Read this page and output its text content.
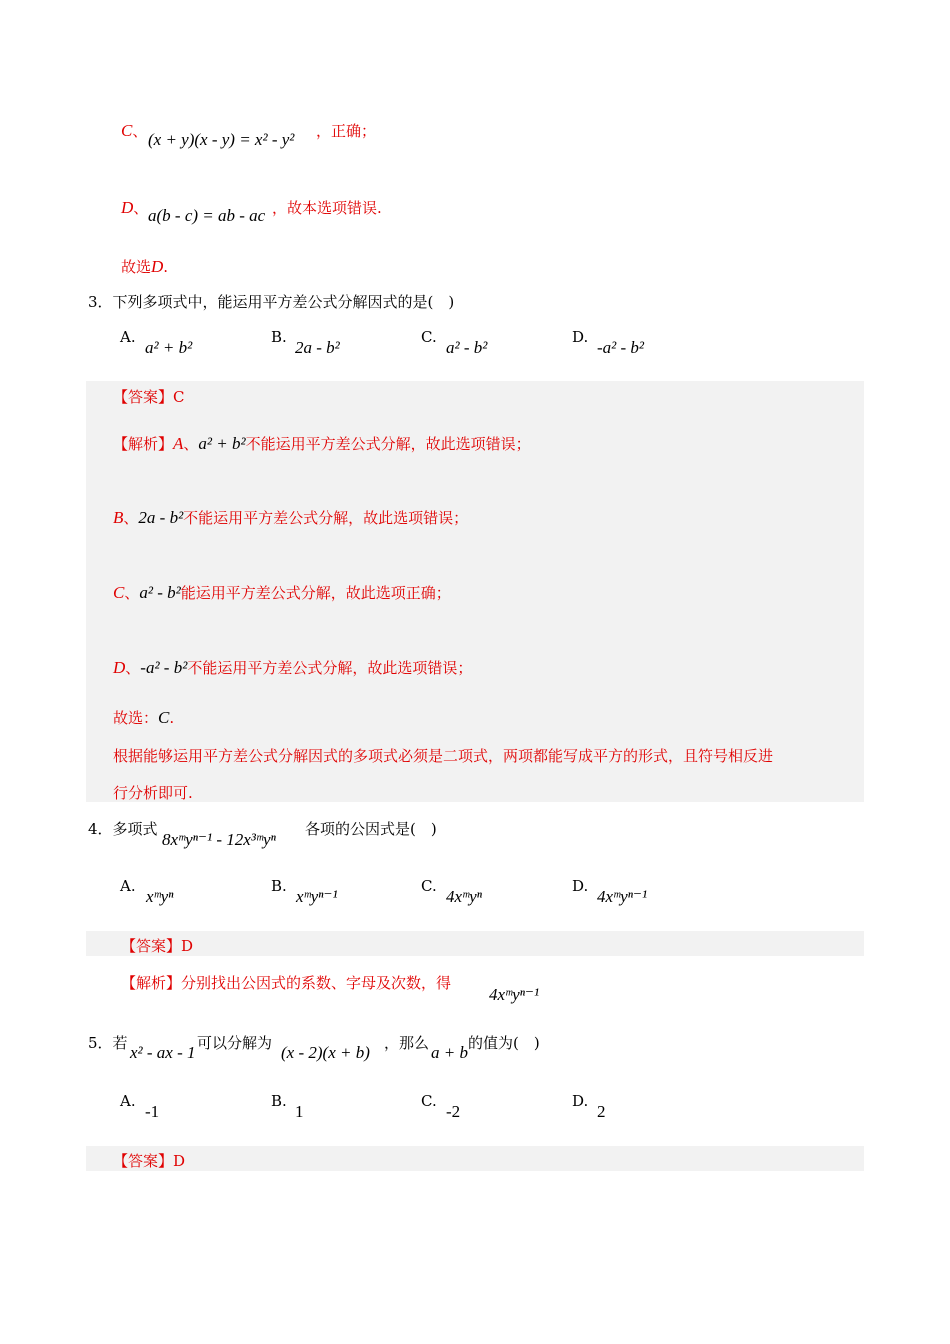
C、 (x + y)(x - y) = x² - y² ，正确；
D、 a(b - c) = ab - ac ，故本选项错误.
故选D.
3．下列多项式中，能运用平方差公式分解因式的是(　)
A.
a² + b²
B.
2a - b²
C.
a² - b²
D.
-a² - b²
【答案】C
【解析】A、a² + b²不能运用平方差公式分解，故此选项错误；
B、2a - b²不能运用平方差公式分解，故此选项错误；
C、a² - b²能运用平方差公式分解，故此选项正确；
D、-a² - b²不能运用平方差公式分解，故此选项错误；
故选：C.
根据能够运用平方差公式分解因式的多项式必须是二项式，两项都能写成平方的形式，且符号相反进
行分析即可.
4．多项式
8xᵐyⁿ⁻¹ - 12x³ᵐyⁿ
各项的公因式是(　)
A.
xᵐyⁿ
B.
xᵐyⁿ⁻¹
C.
4xᵐyⁿ
D.
4xᵐyⁿ⁻¹
【答案】D
【解析】分别找出公因式的系数、字母及次数，得
4xᵐyⁿ⁻¹
5．若 x² - ax - 1 可以分解为 (x - 2)(x + b) ，那么 a + b 的值为(　)
A.
-1
B.
1
C.
-2
D.
2
【答案】D
